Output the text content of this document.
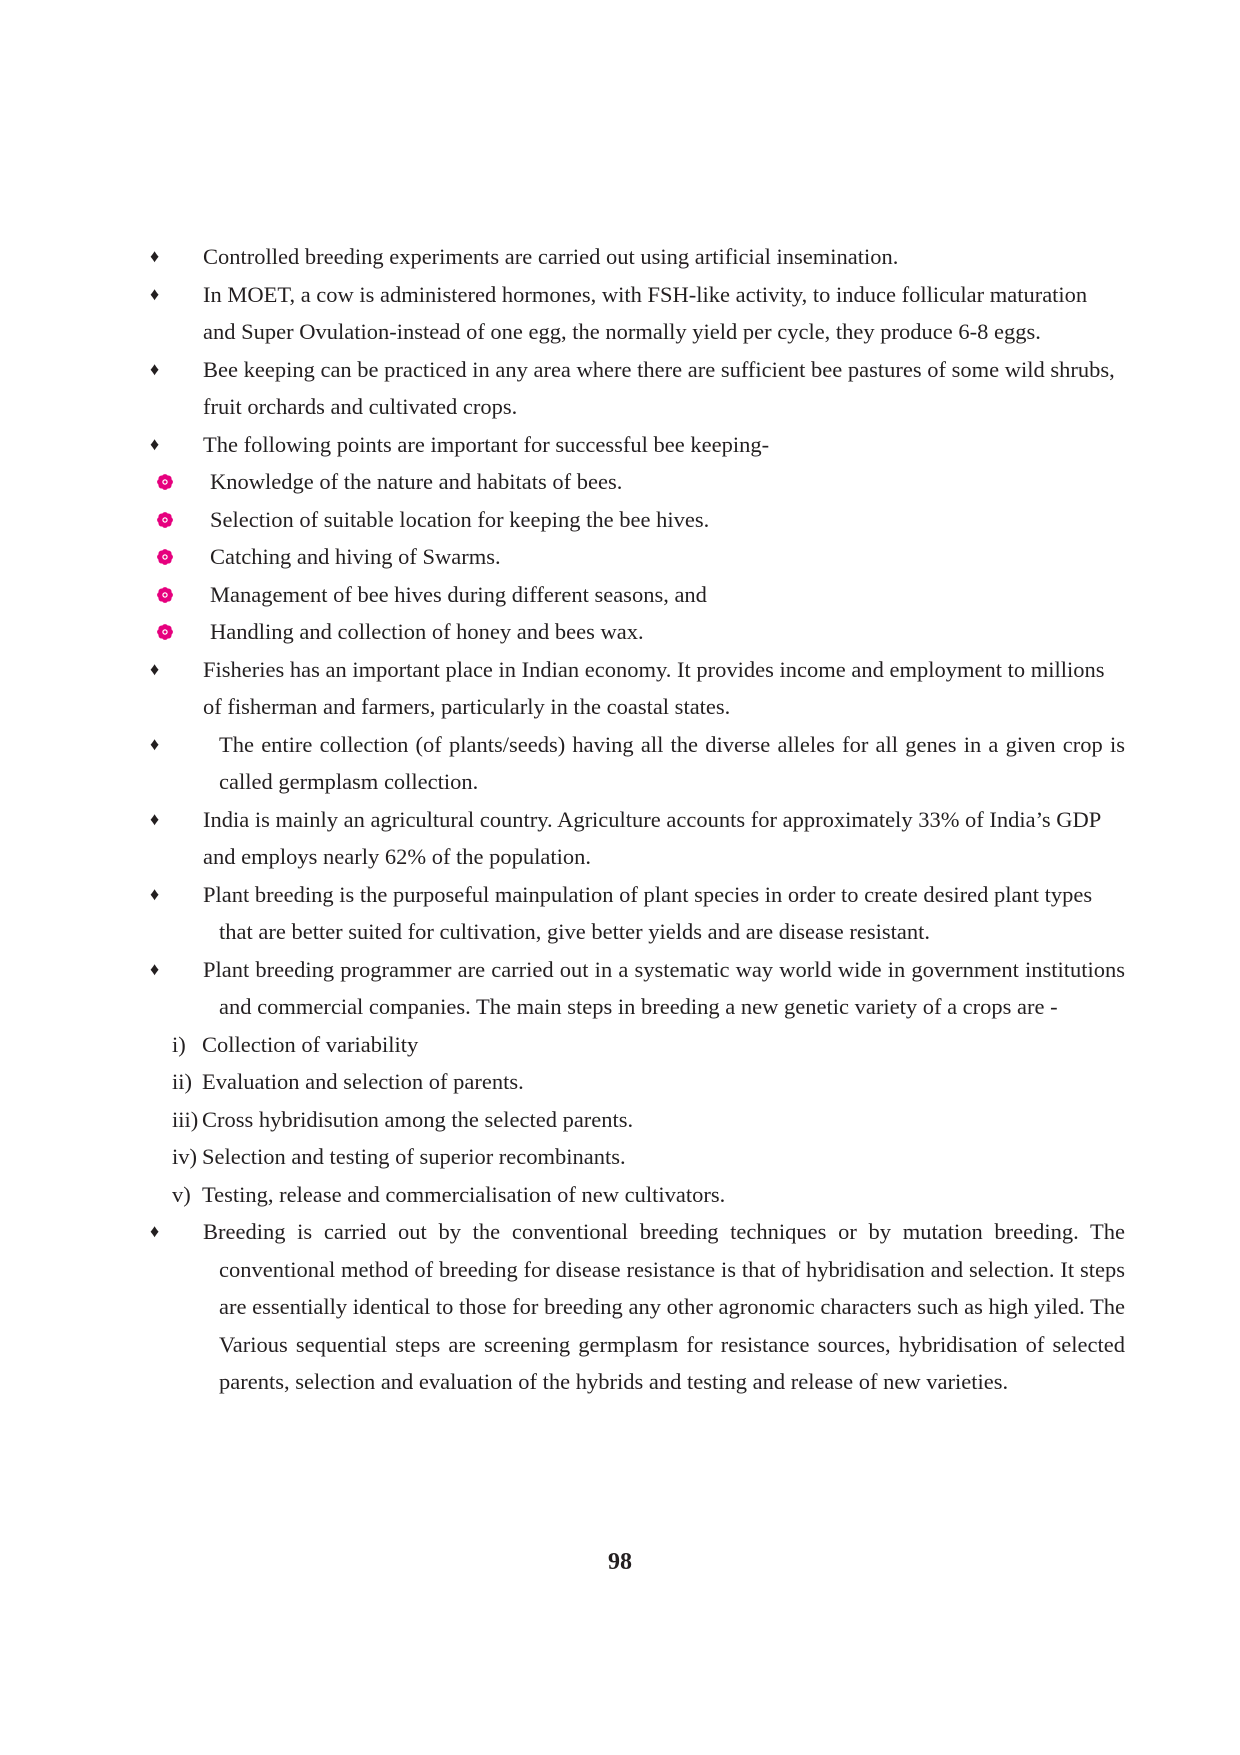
♦ Controlled breeding experiments are carried out using artificial insemination.
♦ In MOET, a cow is administered hormones, with FSH-like activity, to induce follicular maturation and Super Ovulation-instead of one egg, the normally yield per cycle, they produce 6-8 eggs.
♦ Bee keeping can be practiced in any area where there are sufficient bee pastures of some wild shrubs, fruit orchards and cultivated crops.
♦ The following points are important for successful bee keeping-
Knowledge of the nature and habitats of bees.
Selection of suitable location for keeping the bee hives.
Catching and hiving of Swarms.
Management of bee hives during different seasons, and
Handling and collection of honey and bees wax.
♦ Fisheries has an important place in Indian economy. It provides income and employment to millions of fisherman and farmers, particularly in the coastal states.
♦	The entire collection (of plants/seeds) having all the diverse alleles for all genes in a given crop is called germplasm collection.
♦ India is mainly an agricultural country. Agriculture accounts for approximately 33% of India’s GDP and employs nearly 62% of the population.
♦ Plant breeding is the purposeful mainpulation of plant species in order to create desired plant types that are better suited for cultivation, give better yields and are disease resistant.
♦ Plant breeding programmer are carried out in a systematic way world wide in government institutions and commercial companies. The main steps in breeding a new genetic variety of a crops are -
i) Collection of variability
ii) Evaluation and selection of parents.
iii) Cross hybridisution among the selected parents.
iv) Selection and testing of superior recombinants.
v) Testing, release and commercialisation of new cultivators.
♦ Breeding is carried out by the conventional breeding techniques or by mutation breeding. The conventional method of breeding for disease resistance is that of hybridisation and selection. It steps are essentially identical to those for breeding any other agronomic characters such as high yiled. The Various sequential steps are screening germplasm for resistance sources, hybridisation of selected parents, selection and evaluation of the hybrids and testing and release of new varieties.
98
